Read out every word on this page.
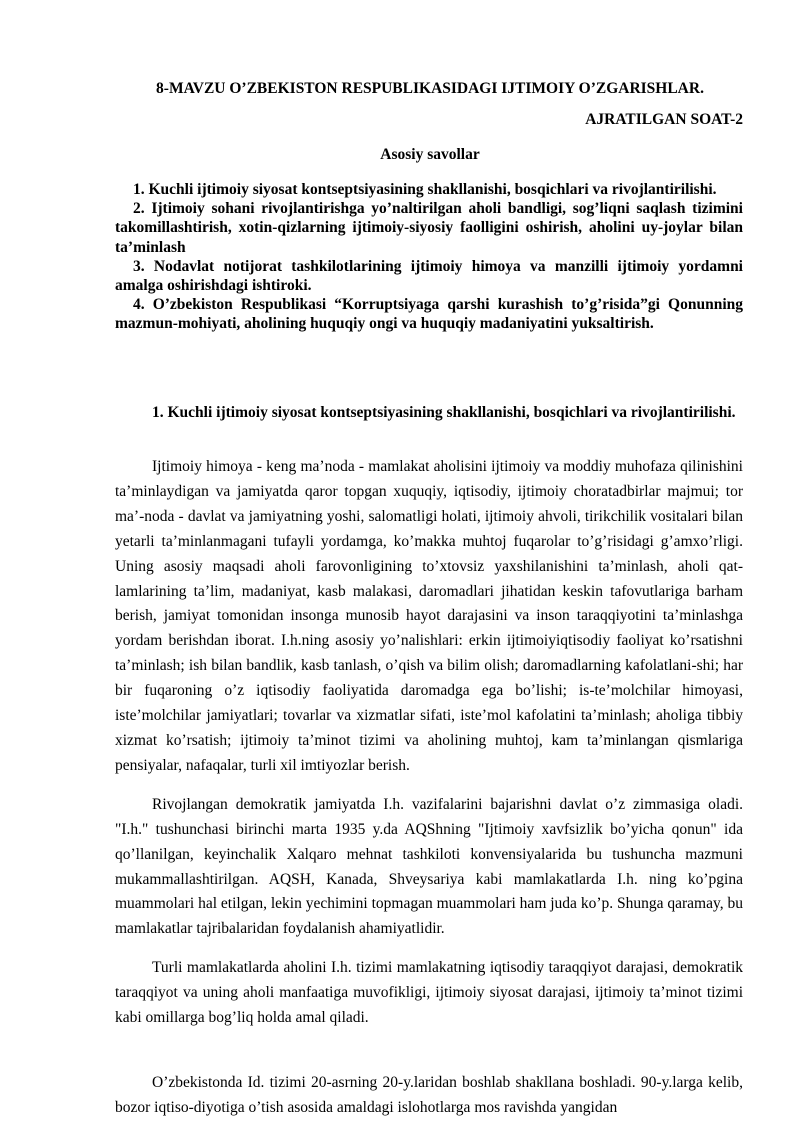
8-MAVZU O’ZBEKISTON RESPUBLIKASIDAGI IJTIMOIY O’ZGARISHLAR.
AJRATILGAN SOAT-2
Asosiy savollar

1. Kuchli ijtimoiy siyosat kontseptsiyasining shakllanishi, bosqichlari va rivojlantirilishi.

2. Ijtimoiy sohani rivojlantirishga yo’naltirilgan aholi bandligi, sog’liqni saqlash tizimini takomillashtirish, xotin-qizlarning ijtimoiy-siyosiy faolligini oshirish, aholini uy-joylar bilan ta’minlash

3. Nodavlat notijorat tashkilotlarining ijtimoiy himoya va manzilli ijtimoiy yordamni amalga oshirishdagi ishtiroki.

4. O’zbekiston Respublikasi “Korruptsiyaga qarshi kurashish to’g’risida”gi Qonunning mazmun-mohiyati, aholining huquqiy ongi va huquqiy madaniyatini yuksaltirish.

1. Kuchli ijtimoiy siyosat kontseptsiyasining shakllanishi, bosqichlari va rivojlantirilishi.

Ijtimoiy himoya - keng ma’noda - mamlakat aholisini ijtimoiy va moddiy muhofaza qilinishini ta’minlaydigan va jamiyatda qaror topgan xuquqiy, iqtisodiy, ijtimoiy choratadbirlar majmui; tor ma’-noda - davlat va jamiyatning yoshi, salomatligi holati, ijtimoiy ahvoli, tirikchilik vositalari bilan yetarli ta’minlanmagani tufayli yordamga, ko’makka muhtoj fuqarolar to’g’risidagi g’amxo’rligi. Uning asosiy maqsadi aholi farovonligining to’xtovsiz yaxshilanishini ta’minlash, aholi qat-lamlarining ta’lim, madaniyat, kasb malakasi, daromadlari jihatidan keskin tafovutlariga barham berish, jamiyat tomonidan insonga munosib hayot darajasini va inson taraqqiyotini ta’minlashga yordam berishdan iborat. I.h.ning asosiy yo’nalishlari: erkin ijtimoiyiqtisodiy faoliyat ko’rsatishni ta’minlash; ish bilan bandlik, kasb tanlash, o’qish va bilim olish; daromadlarning kafolatlani-shi; har bir fuqaroning o’z iqtisodiy faoliyatida daromadga ega bo’lishi; is-te’molchilar himoyasi, iste’molchilar jamiyatlari; tovarlar va xizmatlar sifati, iste’mol kafolatini ta’minlash; aholiga tibbiy xizmat ko’rsatish; ijtimoiy ta’minot tizimi va aholining muhtoj, kam ta’minlangan qismlariga pensiyalar, nafaqalar, turli xil imtiyozlar berish.

Rivojlangan demokratik jamiyatda I.h. vazifalarini bajarishni davlat o’z zimmasiga oladi. "I.h." tushunchasi birinchi marta 1935 y.da AQShning "Ijtimoiy xavfsizlik bo’yicha qonun" ida qo’llanilgan, keyinchalik Xalqaro mehnat tashkiloti konvensiyalarida bu tushuncha mazmuni mukammallashtirilgan. AQSH, Kanada, Shveysariya kabi mamlakatlarda I.h. ning ko’pgina muammolari hal etilgan, lekin yechimini topmagan muammolari ham juda ko’p. Shunga qaramay, bu mamlakatlar tajribalaridan foydalanish ahamiyatlidir.

Turli mamlakatlarda aholini I.h. tizimi mamlakatning iqtisodiy taraqqiyot darajasi, demokratik taraqqiyot va uning aholi manfaatiga muvofikligi, ijtimoiy siyosat darajasi, ijtimoiy ta’minot tizimi kabi omillarga bog’liq holda amal qiladi.

O’zbekistonda Id. tizimi 20-asrning 20-y.laridan boshlab shakllana boshladi. 90-y.larga kelib, bozor iqtiso-diyotiga o’tish asosida amaldagi islohotlarga mos ravishda yangidan
